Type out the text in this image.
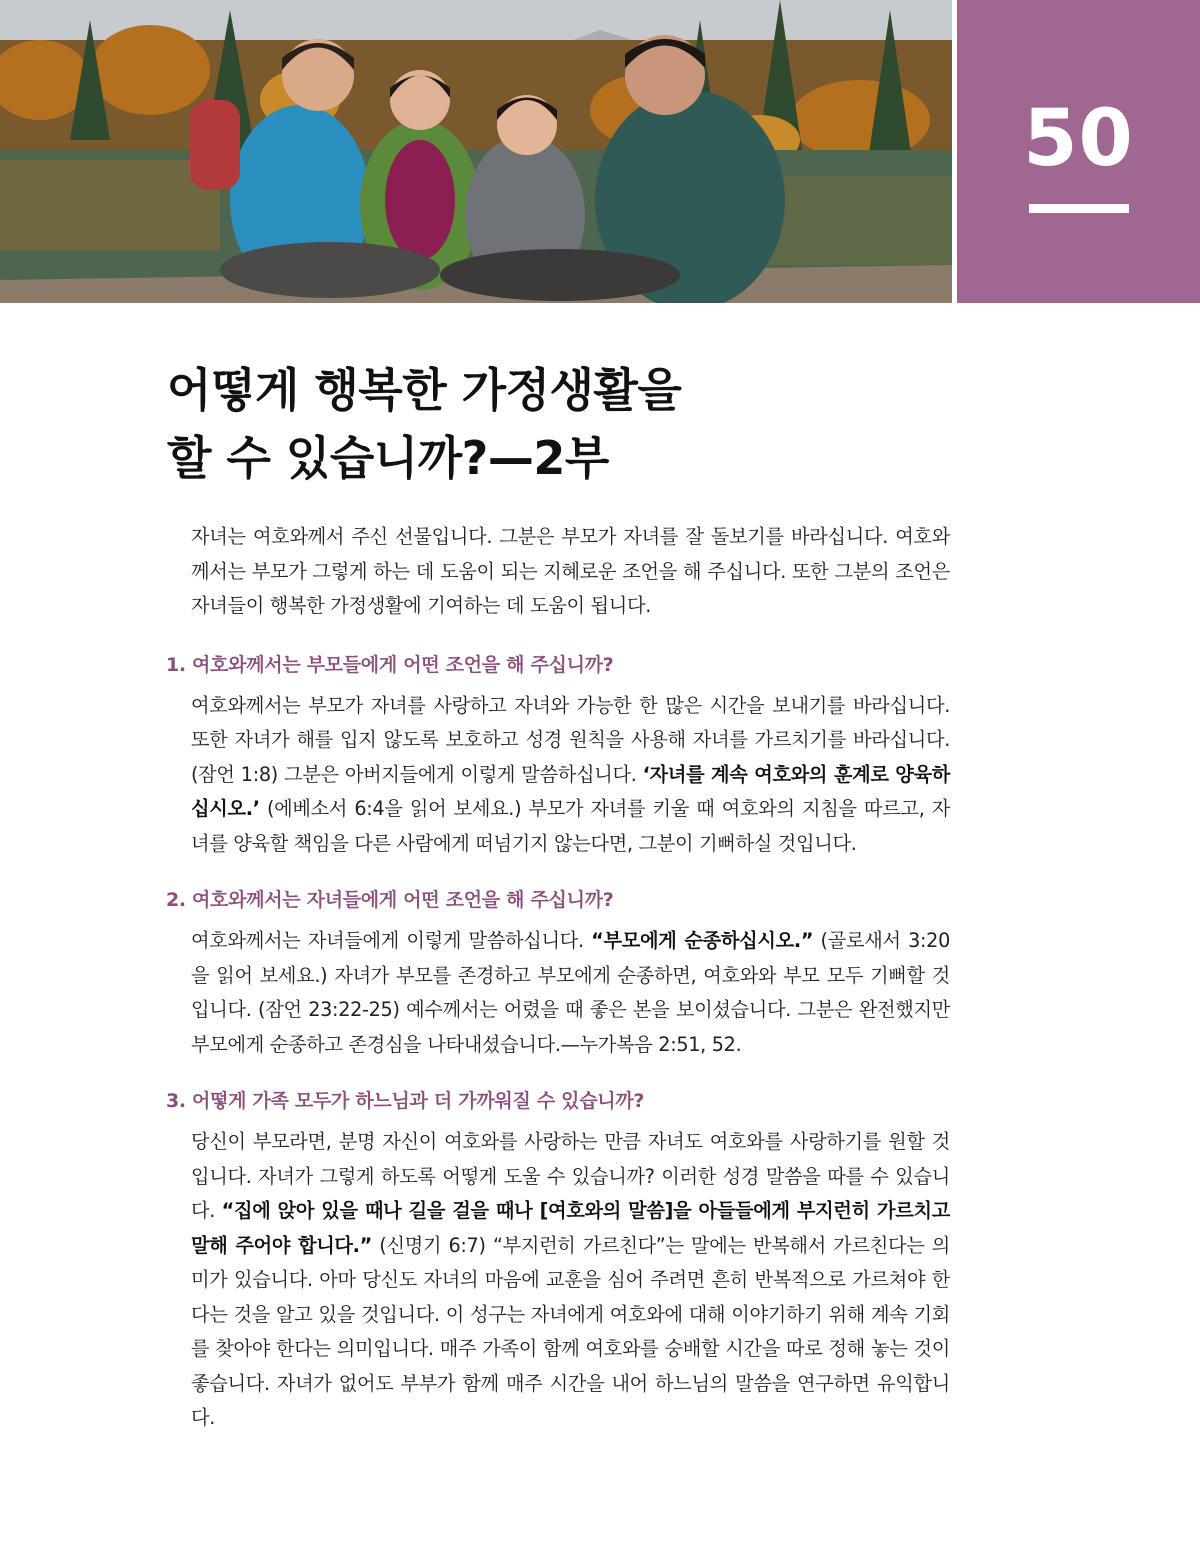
50
어떻게 행복한 가정생활을
할 수 있습니까?—2부

자녀는 여호와께서 주신 선물입니다. 그분은 부모가 자녀를 잘 돌보기를 바라십니다. 여호와께서는 부모가 그렇게 하는 데 도움이 되는 지혜로운 조언을 해 주십니다. 또한 그분의 조언은 자녀들이 행복한 가정생활에 기여하는 데 도움이 됩니다.

1. 여호와께서는 부모들에게 어떤 조언을 해 주십니까?

여호와께서는 부모가 자녀를 사랑하고 자녀와 가능한 한 많은 시간을 보내기를 바라십니다. 또한 자녀가 해를 입지 않도록 보호하고 성경 원칙을 사용해 자녀를 가르치기를 바라십니다. (잠언 1:8) 그분은 아버지들에게 이렇게 말씀하십니다. ‘자녀를 계속 여호와의 훈계로 양육하십시오.’ (에베소서 6:4을 읽어 보세요.) 부모가 자녀를 키울 때 여호와의 지침을 따르고, 자녀를 양육할 책임을 다른 사람에게 떠넘기지 않는다면, 그분이 기뻐하실 것입니다.

2. 여호와께서는 자녀들에게 어떤 조언을 해 주십니까?

여호와께서는 자녀들에게 이렇게 말씀하십니다. “부모에게 순종하십시오.” (골로새서 3:20을 읽어 보세요.) 자녀가 부모를 존경하고 부모에게 순종하면, 여호와와 부모 모두 기뻐할 것입니다. (잠언 23:22-25) 예수께서는 어렸을 때 좋은 본을 보이셨습니다. 그분은 완전했지만 부모에게 순종하고 존경심을 나타내셨습니다.—누가복음 2:51, 52.

3. 어떻게 가족 모두가 하느님과 더 가까워질 수 있습니까?

당신이 부모라면, 분명 자신이 여호와를 사랑하는 만큼 자녀도 여호와를 사랑하기를 원할 것입니다. 자녀가 그렇게 하도록 어떻게 도울 수 있습니까? 이러한 성경 말씀을 따를 수 있습니다. “집에 앉아 있을 때나 길을 걸을 때나 [여호와의 말씀]을 아들들에게 부지런히 가르치고 말해 주어야 합니다.” (신명기 6:7) “부지런히 가르친다”는 말에는 반복해서 가르친다는 의미가 있습니다. 아마 당신도 자녀의 마음에 교훈을 심어 주려면 흔히 반복적으로 가르쳐야 한다는 것을 알고 있을 것입니다. 이 성구는 자녀에게 여호와에 대해 이야기하기 위해 계속 기회를 찾아야 한다는 의미입니다. 매주 가족이 함께 여호와를 숭배할 시간을 따로 정해 놓는 것이 좋습니다. 자녀가 없어도 부부가 함께 매주 시간을 내어 하느님의 말씀을 연구하면 유익합니다.
